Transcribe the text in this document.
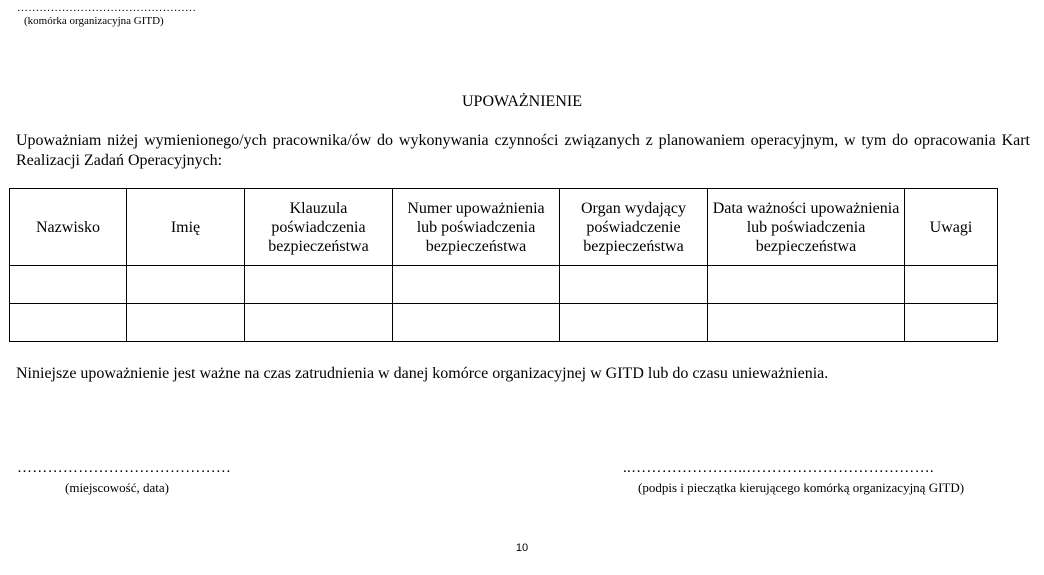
…………………………………………
(komórka organizacyjna GITD)
UPOWAŻNIENIE
Upoważniam niżej wymienionego/ych pracownika/ów do wykonywania czynności związanych z planowaniem operacyjnym, w tym do opracowania Kart Realizacji Zadań Operacyjnych:
Nazwisko	Imię	Klauzula poświadczenia bezpieczeństwa	Numer upoważnienia lub poświadczenia bezpieczeństwa	Organ wydający poświadczenie bezpieczeństwa	Data ważności upoważnienia lub poświadczenia bezpieczeństwa	Uwagi

Niniejsze upoważnienie jest ważne na czas zatrudnienia w danej komórce organizacyjnej w GITD lub do czasu unieważnienia.
……………………………………
(miejscowość, data)
..…………………..……………………………….
(podpis i pieczątka kierującego komórką organizacyjną GITD)
10
